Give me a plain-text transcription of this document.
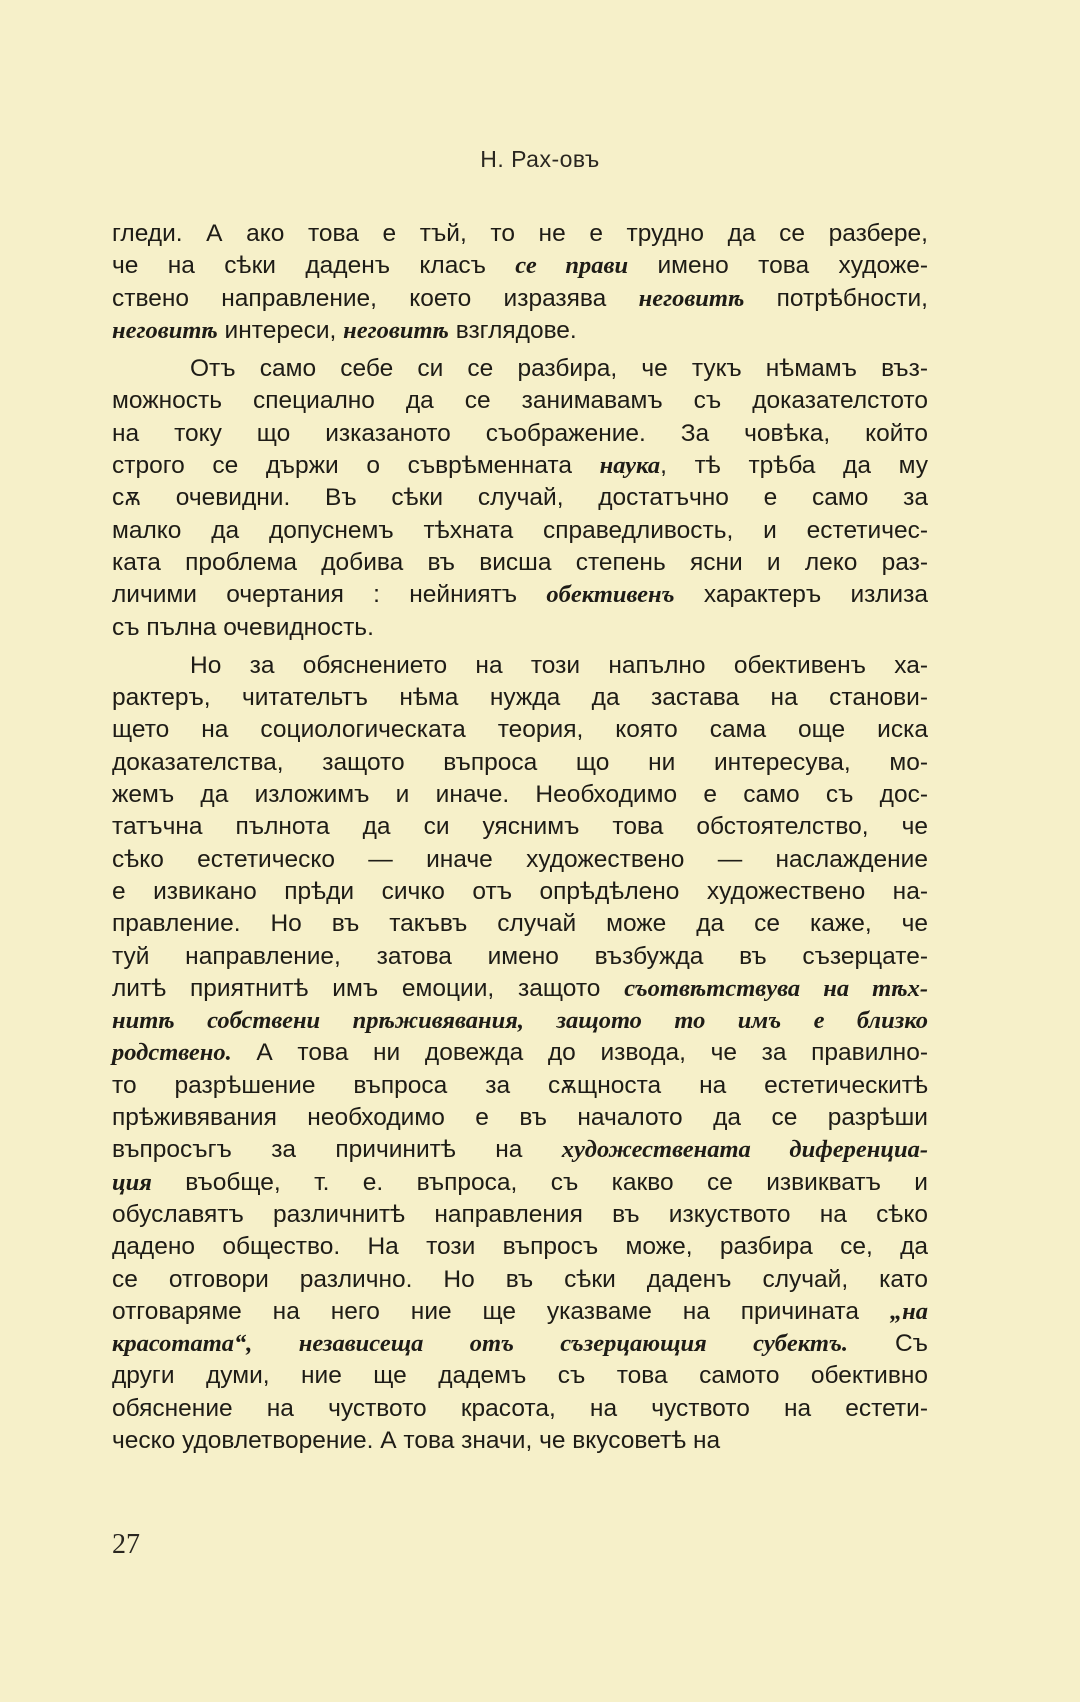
Н. Рах-овъ

гледи. А ако това е тъй, то не е трудно да се разбере,
че на сѣки даденъ класъ се прави имено това художе-
ствено направление, което изразява неговитѣ потрѣбности,
неговитѣ интереси, неговитѣ взглядове.

Отъ само себе си се разбира, че тукъ нѣмамъ въз-
можность специално да се занимавамъ съ доказателстото
на току що изказаното съображение. За човѣка, който
строго се държи о съврѣменната наука, тѣ трѣба да му
сѫ очевидни. Въ сѣки случай, достатъчно е само за
малко да допуснемъ тѣхната справедливость, и естетичес-
ката проблема добива въ висша степень ясни и леко раз-
личими очертания : нейниятъ обективенъ характеръ излиза
съ пълна очевидность.

Но за обяснението на този напълно обективенъ ха-
рактеръ, читательтъ нѣма нужда да застава на станови-
щето на социологическата теория, която сама още иска
доказателства, защото въпроса що ни интересува, мо-
жемъ да изложимъ и иначе. Необходимо е само съ дос-
татъчна пълнота да си уяснимъ това обстоятелство, че
сѣко естетическо — иначе художествено — наслаждение
е извикано прѣди сичко отъ опрѣдѣлено художествено на-
правление. Но въ такъвъ случай може да се каже, че
туй направление, затова имено възбужда въ съзерцате-
литѣ приятнитѣ имъ емоции, защото съотвѣтствува на тѣх-
нитѣ собствени прѣживявания, защото то имъ е близко
родствено. А това ни довежда до извода, че за правилно-
то разрѣшение въпроса за сѫщноста на естетическитѣ
прѣживявания необходимо е въ началото да се разрѣши
въпросъгъ за причинитѣ на художествената диференциа-
ция въобще, т. е. въпроса, съ какво се извикватъ и
обуславятъ различнитѣ направления въ изкуството на сѣко
дадено общество. На този въпросъ може, разбира се, да
се отговори различно. Но въ сѣки даденъ случай, като
отговаряме на него ние ще указваме на причината „на
красотата“, независеща отъ съзерцающия субектъ. Съ
други думи, ние ще дадемъ съ това самото обективно
обяснение на чуството красота, на чуството на естети-
ческо удовлетворение. А това значи, че вкусоветѣ на

27
